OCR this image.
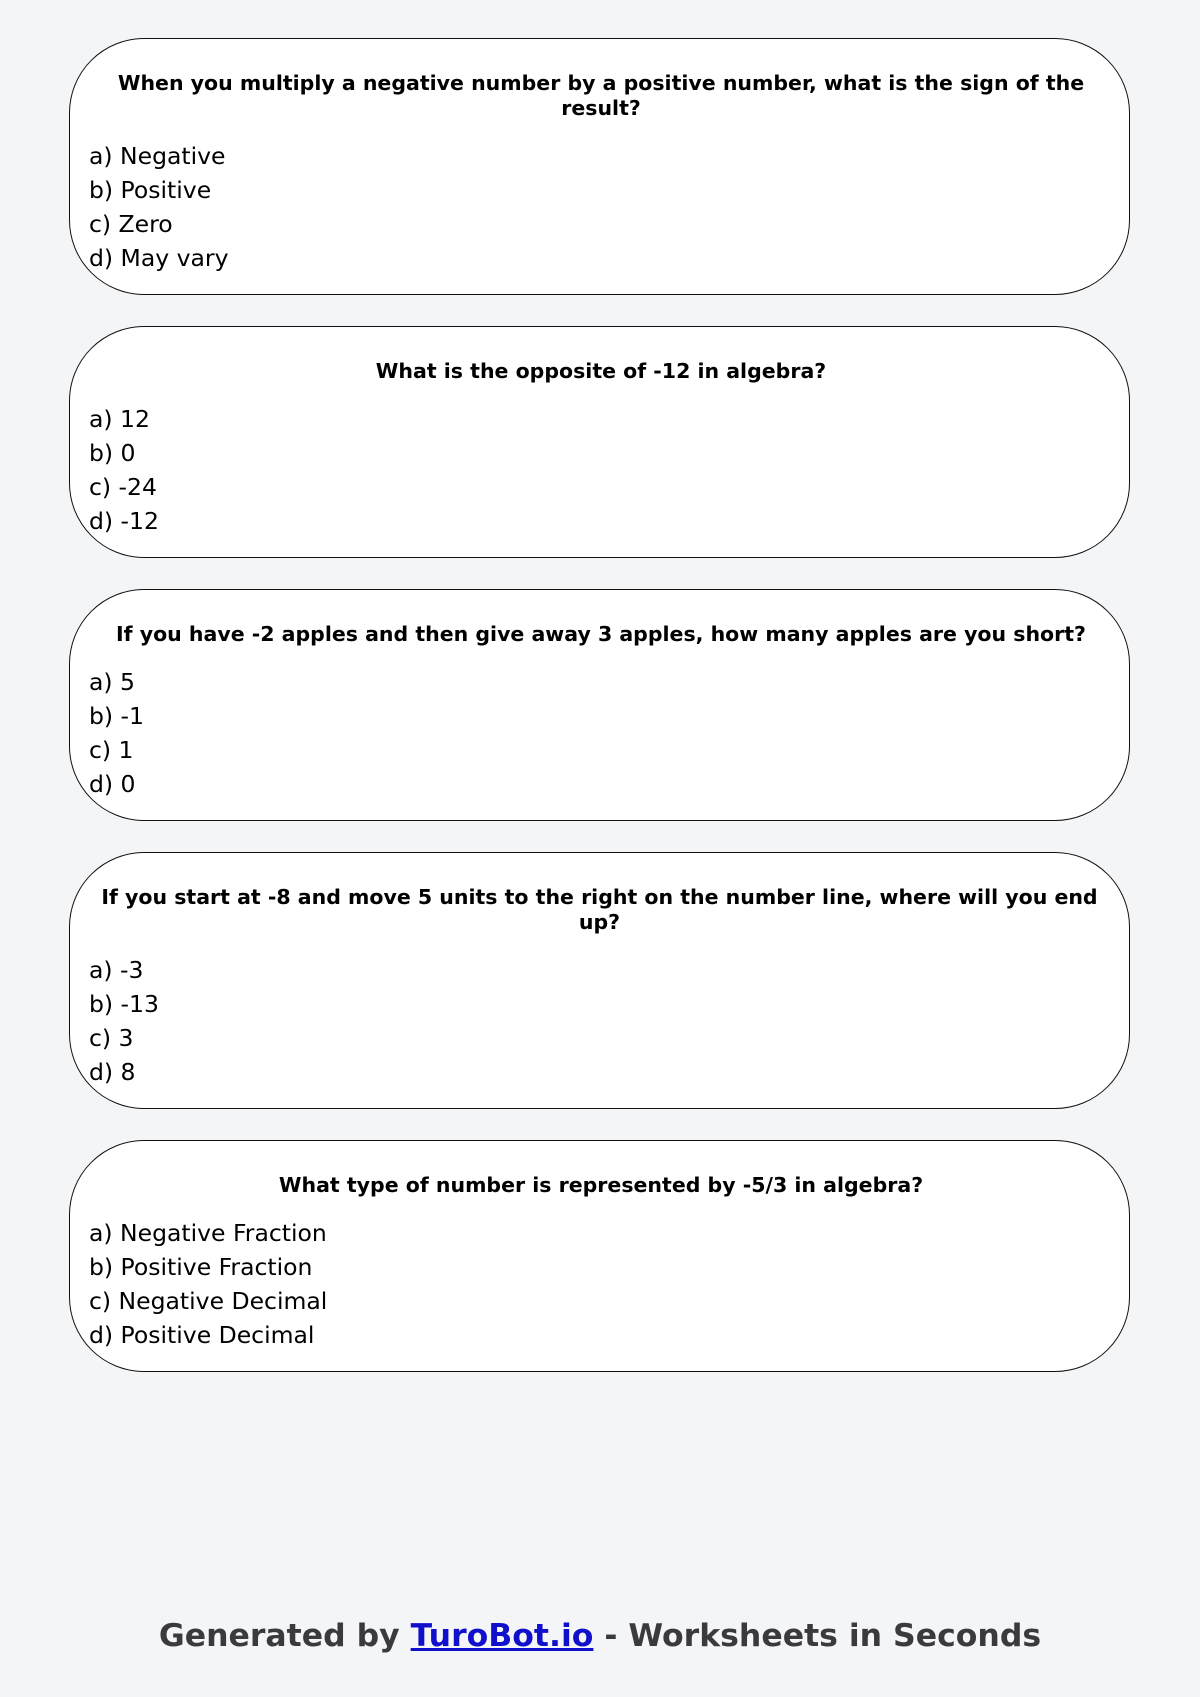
When you multiply a negative number by a positive number, what is the sign of the result?

a) Negative

b) Positive

c) Zero

d) May vary

What is the opposite of -12 in algebra?

a) 12

b) 0

c) -24

d) -12

If you have -2 apples and then give away 3 apples, how many apples are you short?

a) 5

b) -1

c) 1

d) 0

If you start at -8 and move 5 units to the right on the number line, where will you end up?

a) -3

b) -13

c) 3

d) 8

What type of number is represented by -5/3 in algebra?

a) Negative Fraction

b) Positive Fraction

c) Negative Decimal

d) Positive Decimal

Generated by TuroBot.io - Worksheets in Seconds
